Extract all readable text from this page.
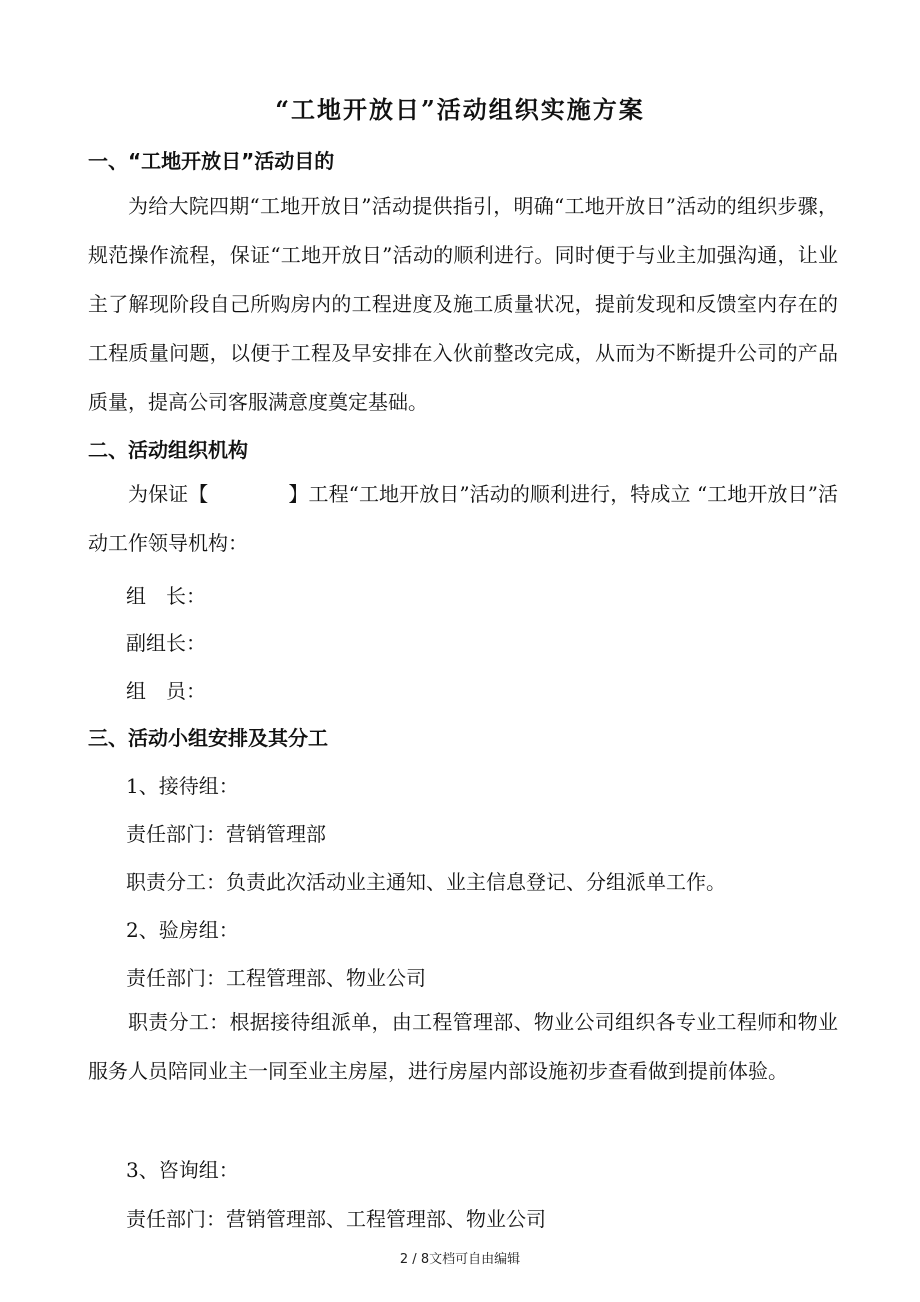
“工地开放日”活动组织实施方案
一、“工地开放日”活动目的
为给大院四期“工地开放日”活动提供指引，明确“工地开放日”活动的组织步骤，规范操作流程，保证“工地开放日”活动的顺利进行。同时便于与业主加强沟通，让业主了解现阶段自己所购房内的工程进度及施工质量状况，提前发现和反馈室内存在的工程质量问题，以便于工程及早安排在入伙前整改完成，从而为不断提升公司的产品质量，提高公司客服满意度奠定基础。
二、活动组织机构
为保证【	】工程“工地开放日”活动的顺利进行，特成立 “工地开放日”活动工作领导机构：
组　长：
副组长：
组　员：
三、活动小组安排及其分工
1、接待组：
责任部门：营销管理部
职责分工：负责此次活动业主通知、业主信息登记、分组派单工作。
2、验房组：
责任部门：工程管理部、物业公司
职责分工：根据接待组派单，由工程管理部、物业公司组织各专业工程师和物业服务人员陪同业主一同至业主房屋，进行房屋内部设施初步查看做到提前体验。
3、咨询组：
责任部门：营销管理部、工程管理部、物业公司
2 / 8文档可自由编辑
